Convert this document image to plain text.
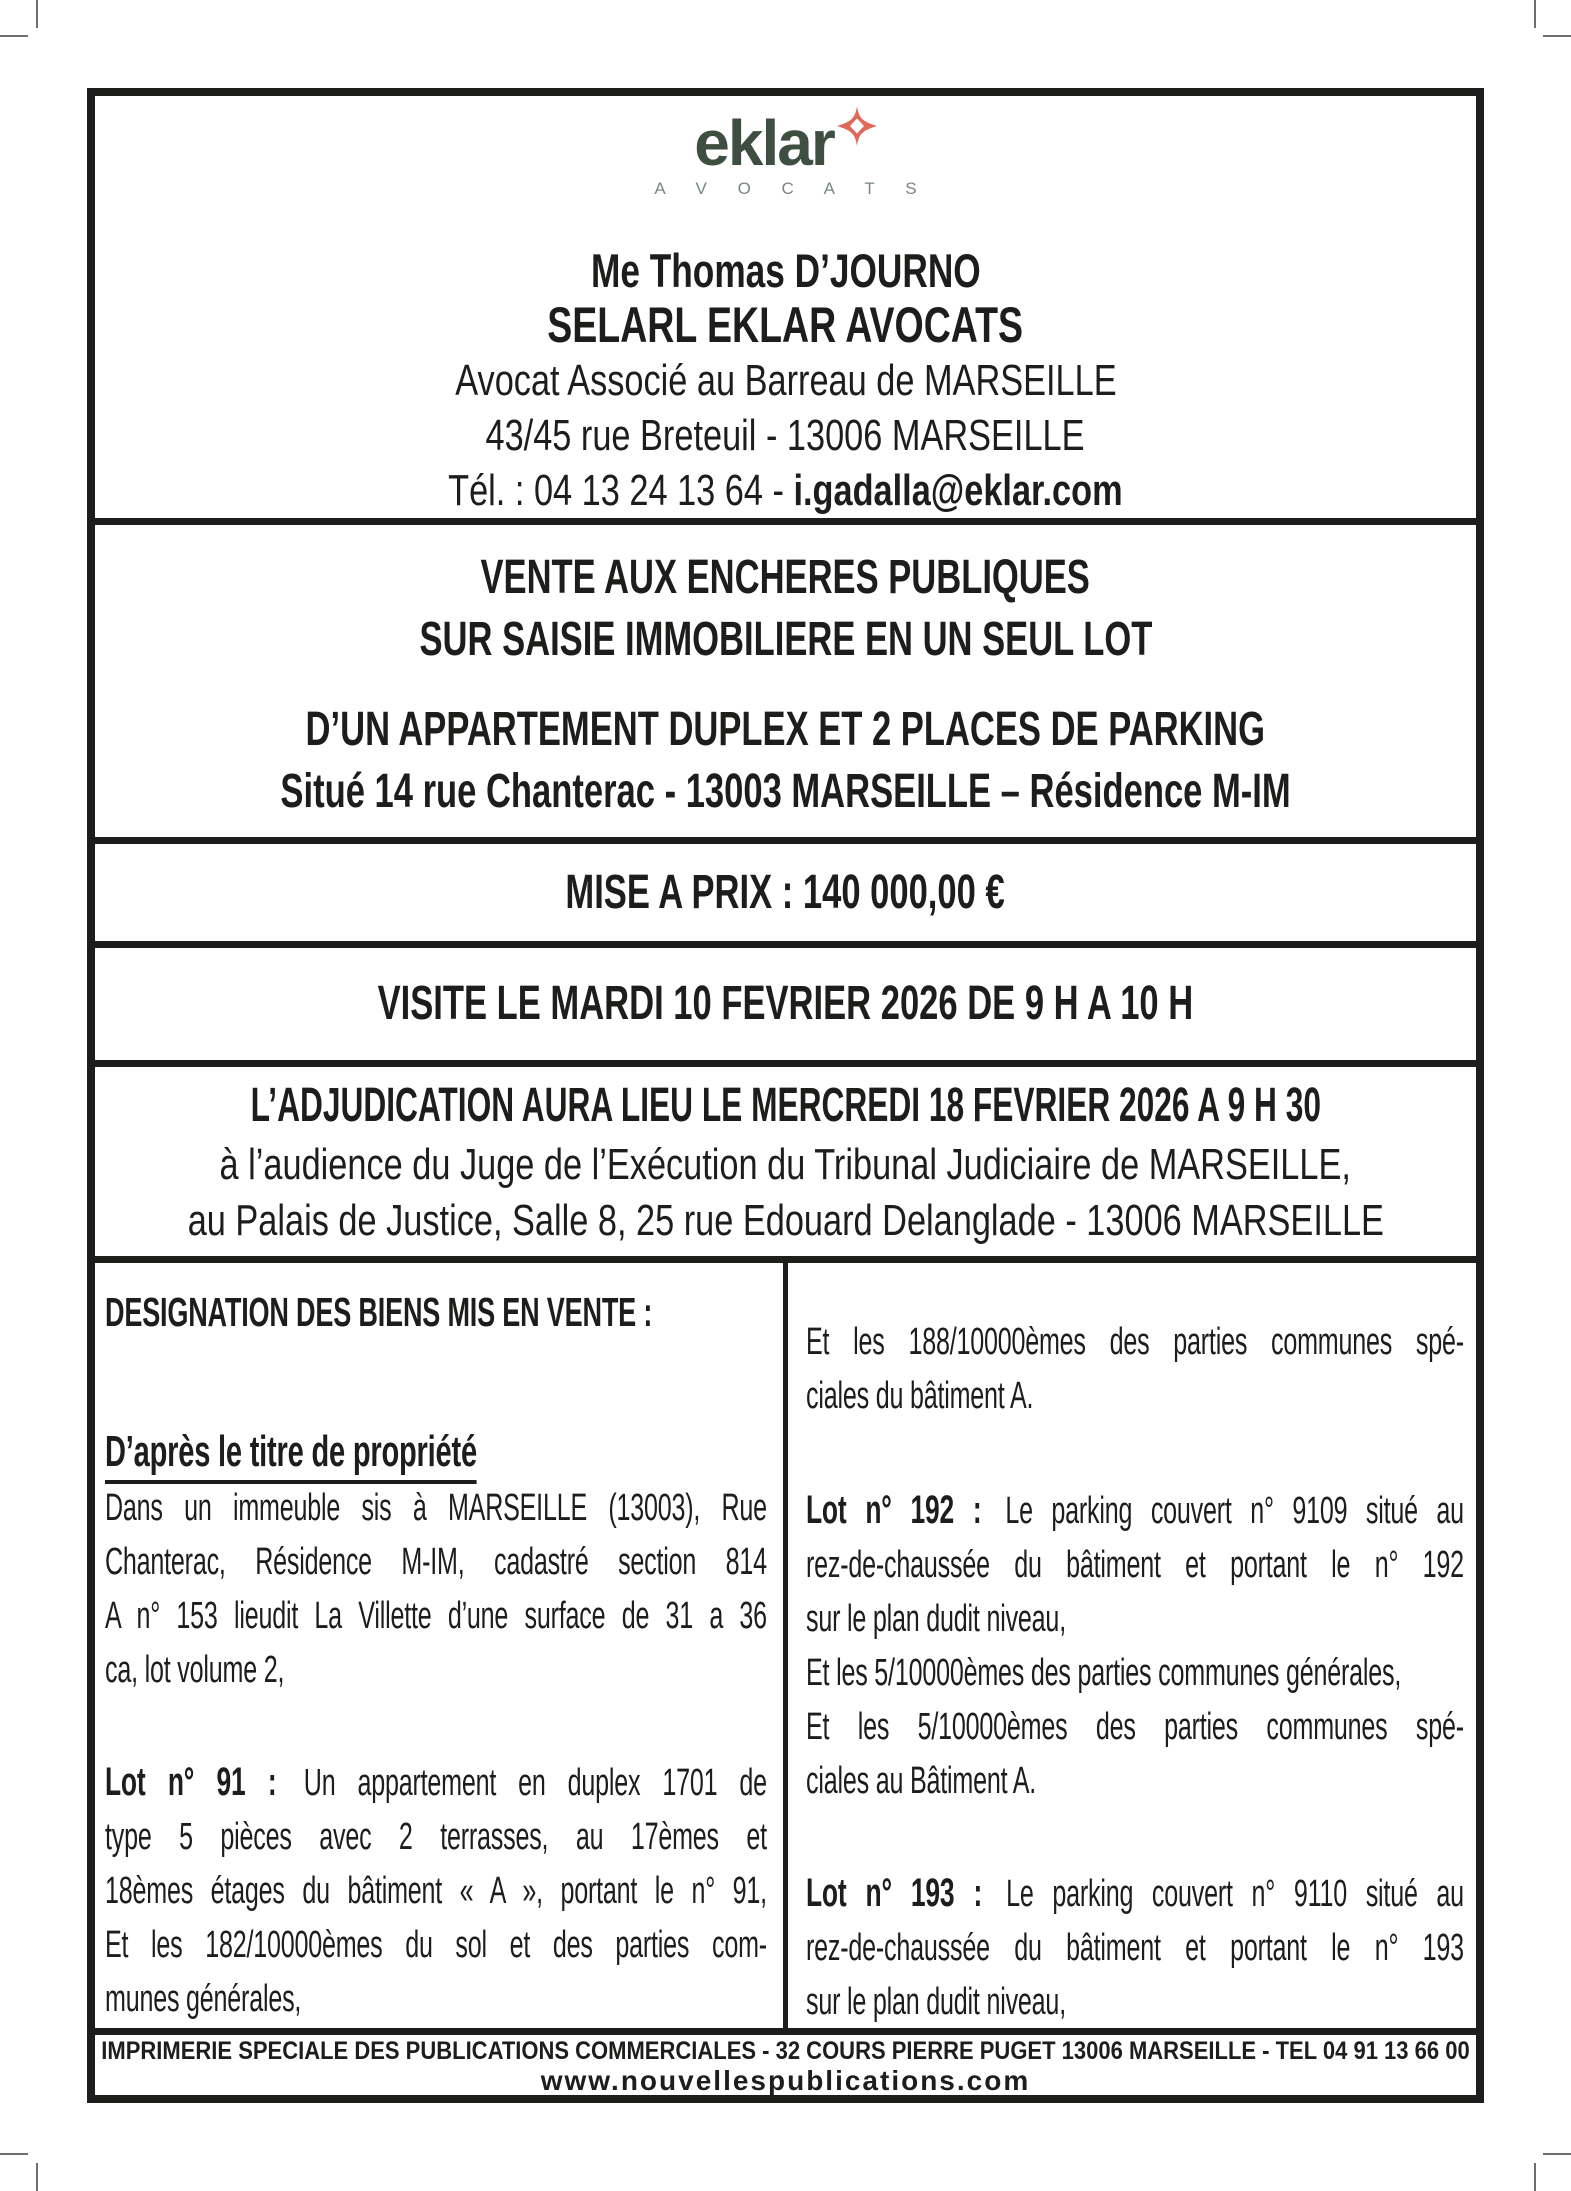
eklar
A V O C A T S
Me Thomas D’JOURNO
SELARL EKLAR AVOCATS
Avocat Associé au Barreau de MARSEILLE
43/45 rue Breteuil - 13006 MARSEILLE
Tél. : 04 13 24 13 64 - i.gadalla@eklar.com
VENTE AUX ENCHERES PUBLIQUES
SUR SAISIE IMMOBILIERE EN UN SEUL LOT
D’UN APPARTEMENT DUPLEX ET 2 PLACES DE PARKING
Situé 14 rue Chanterac - 13003 MARSEILLE – Résidence M-IM
MISE A PRIX : 140 000,00 €
VISITE LE MARDI 10 FEVRIER 2026 DE 9 H A 10 H
L’ADJUDICATION AURA LIEU LE MERCREDI 18 FEVRIER 2026 A 9 H 30
à l’audience du Juge de l’Exécution du Tribunal Judiciaire de MARSEILLE,
au Palais de Justice, Salle 8, 25 rue Edouard Delanglade - 13006 MARSEILLE
DESIGNATION DES BIENS MIS EN VENTE :
D’après le titre de propriété
Dans un immeuble sis à MARSEILLE (13003), Rue
Chanterac, Résidence M-IM, cadastré section 814
A n° 153 lieudit La Villette d’une surface de 31 a 36
ca, lot volume 2,
Lot n° 91 : Un appartement en duplex 1701 de
type 5 pièces avec 2 terrasses, au 17èmes et
18èmes étages du bâtiment « A », portant le n° 91,
Et les 182/10000èmes du sol et des parties com-
munes générales,
Et les 188/10000èmes des parties communes spé-
ciales du bâtiment A.
Lot n° 192 : Le parking couvert n° 9109 situé au
rez-de-chaussée du bâtiment et portant le n° 192
sur le plan dudit niveau,
Et les 5/10000èmes des parties communes générales,
Et les 5/10000èmes des parties communes spé-
ciales au Bâtiment A.
Lot n° 193 : Le parking couvert n° 9110 situé au
rez-de-chaussée du bâtiment et portant le n° 193
sur le plan dudit niveau,
IMPRIMERIE SPECIALE DES PUBLICATIONS COMMERCIALES - 32 COURS PIERRE PUGET 13006 MARSEILLE - TEL 04 91 13 66 00
www.nouvellespublications.com
